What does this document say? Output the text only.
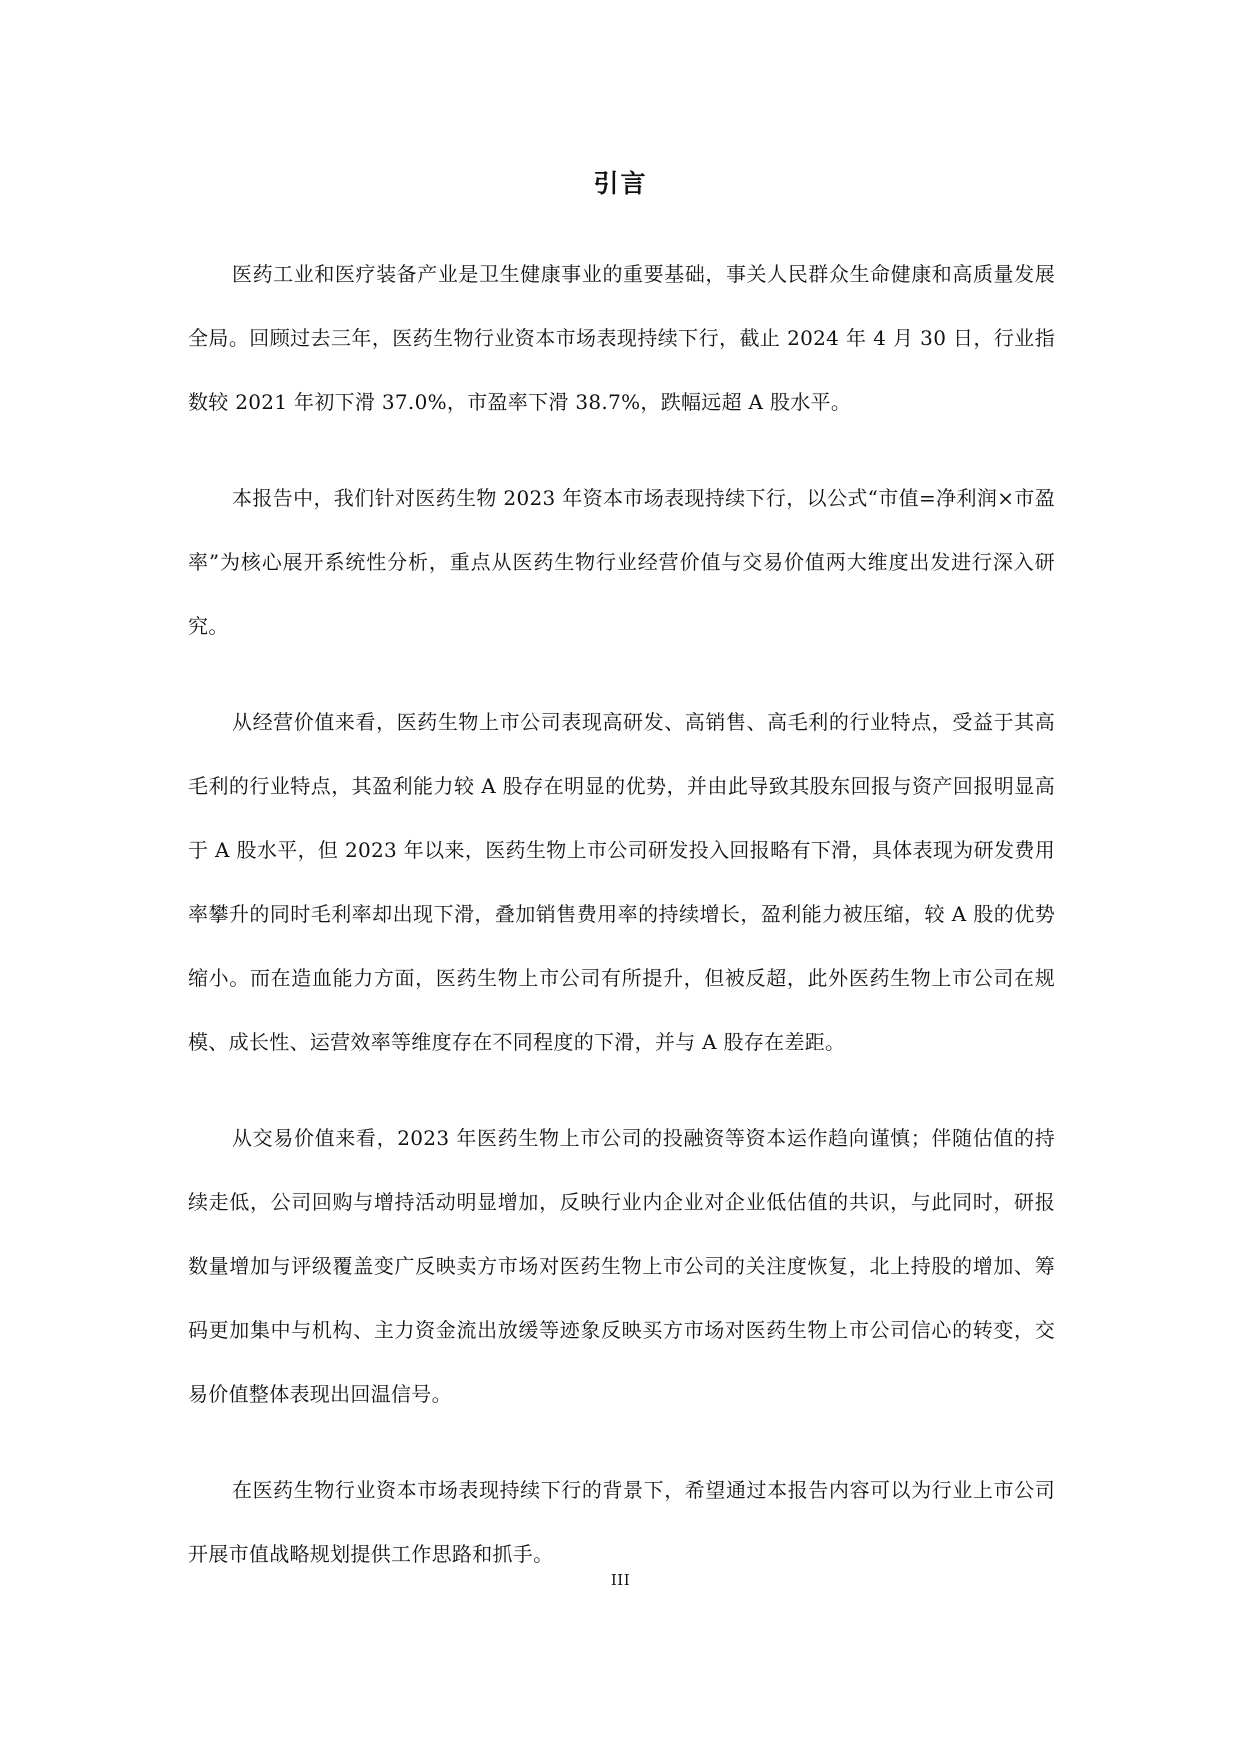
引言

医药工业和医疗装备产业是卫生健康事业的重要基础，事关人民群众生命健康和高质量发展全局。回顾过去三年，医药生物行业资本市场表现持续下行，截止 2024 年 4 月 30 日，行业指数较 2021 年初下滑 37.0%，市盈率下滑 38.7%，跌幅远超 A 股水平。

本报告中，我们针对医药生物 2023 年资本市场表现持续下行，以公式“市值=净利润×市盈率”为核心展开系统性分析，重点从医药生物行业经营价值与交易价值两大维度出发进行深入研究。

从经营价值来看，医药生物上市公司表现高研发、高销售、高毛利的行业特点，受益于其高毛利的行业特点，其盈利能力较 A 股存在明显的优势，并由此导致其股东回报与资产回报明显高于 A 股水平，但 2023 年以来，医药生物上市公司研发投入回报略有下滑，具体表现为研发费用率攀升的同时毛利率却出现下滑，叠加销售费用率的持续增长，盈利能力被压缩，较 A 股的优势缩小。而在造血能力方面，医药生物上市公司有所提升，但被反超，此外医药生物上市公司在规模、成长性、运营效率等维度存在不同程度的下滑，并与 A 股存在差距。

从交易价值来看，2023 年医药生物上市公司的投融资等资本运作趋向谨慎；伴随估值的持续走低，公司回购与增持活动明显增加，反映行业内企业对企业低估值的共识，与此同时，研报数量增加与评级覆盖变广反映卖方市场对医药生物上市公司的关注度恢复，北上持股的增加、筹码更加集中与机构、主力资金流出放缓等迹象反映买方市场对医药生物上市公司信心的转变，交易价值整体表现出回温信号。

在医药生物行业资本市场表现持续下行的背景下，希望通过本报告内容可以为行业上市公司开展市值战略规划提供工作思路和抓手。

III
